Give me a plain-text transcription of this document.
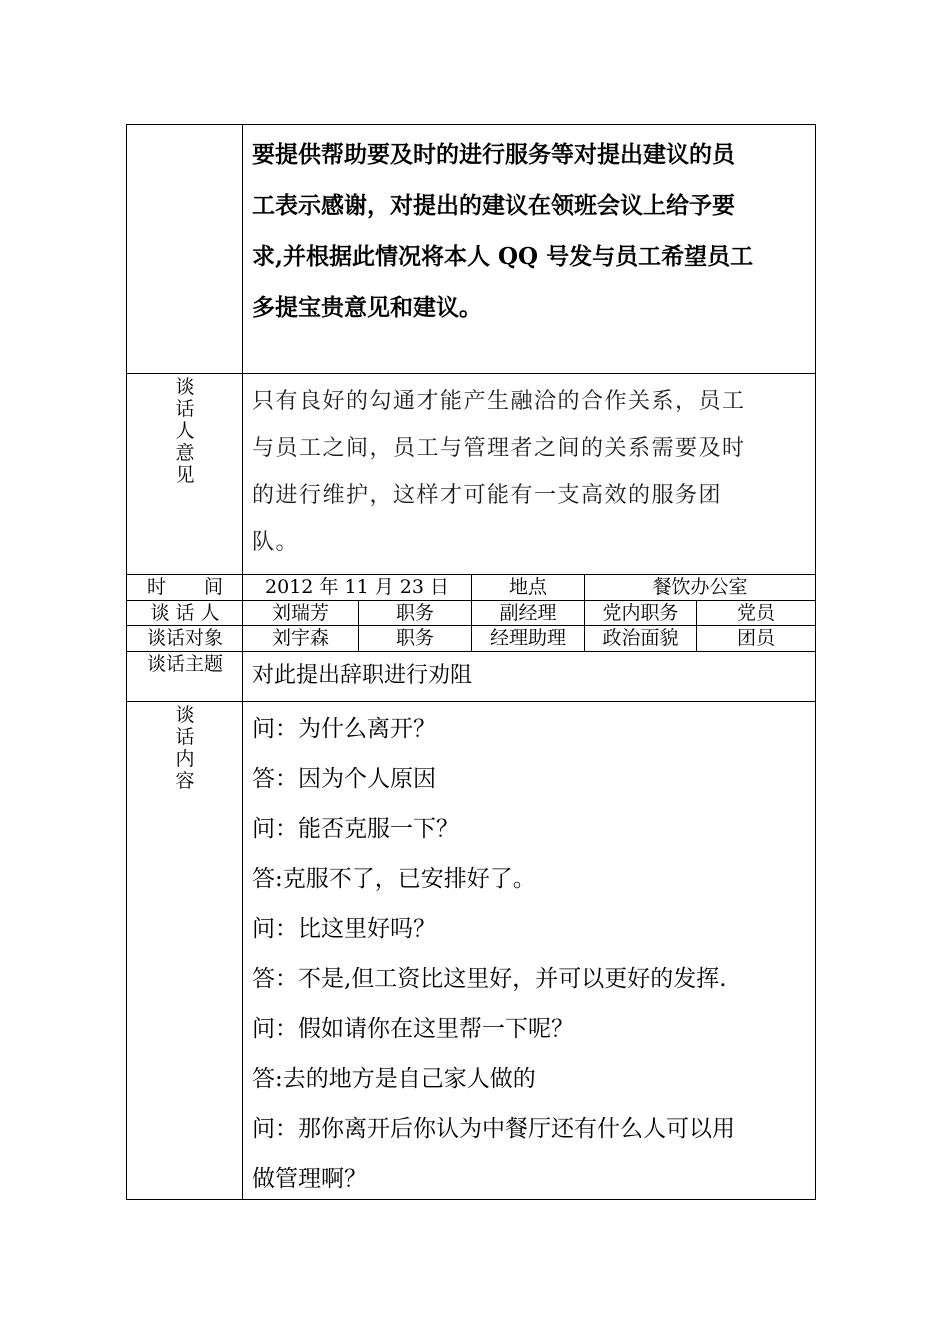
要提供帮助要及时的进行服务等对提出建议的员

工表示感谢，对提出的建议在领班会议上给予要

求,并根据此情况将本人 QQ 号发与员工希望员工

多提宝贵意见和建议。

谈
话
人
意
见

只有良好的勾通才能产生融洽的合作关系，员工

与员工之间，员工与管理者之间的关系需要及时

的进行维护，这样才可能有一支高效的服务团

队。

时　　间	2012 年 11 月 23 日	地点	餐饮办公室
谈 话 人	刘瑞芳	职务	副经理	党内职务	党员
谈话对象	刘宇森	职务	经理助理	政治面貌	团员
谈话主题	对此提出辞职进行劝阻
谈
话
内
容

问：为什么离开？

答：因为个人原因

问：能否克服一下？

答:克服不了，已安排好了。

问：比这里好吗？

答：不是,但工资比这里好，并可以更好的发挥.

问：假如请你在这里帮一下呢？

答:去的地方是自己家人做的

问：那你离开后你认为中餐厅还有什么人可以用

做管理啊？
